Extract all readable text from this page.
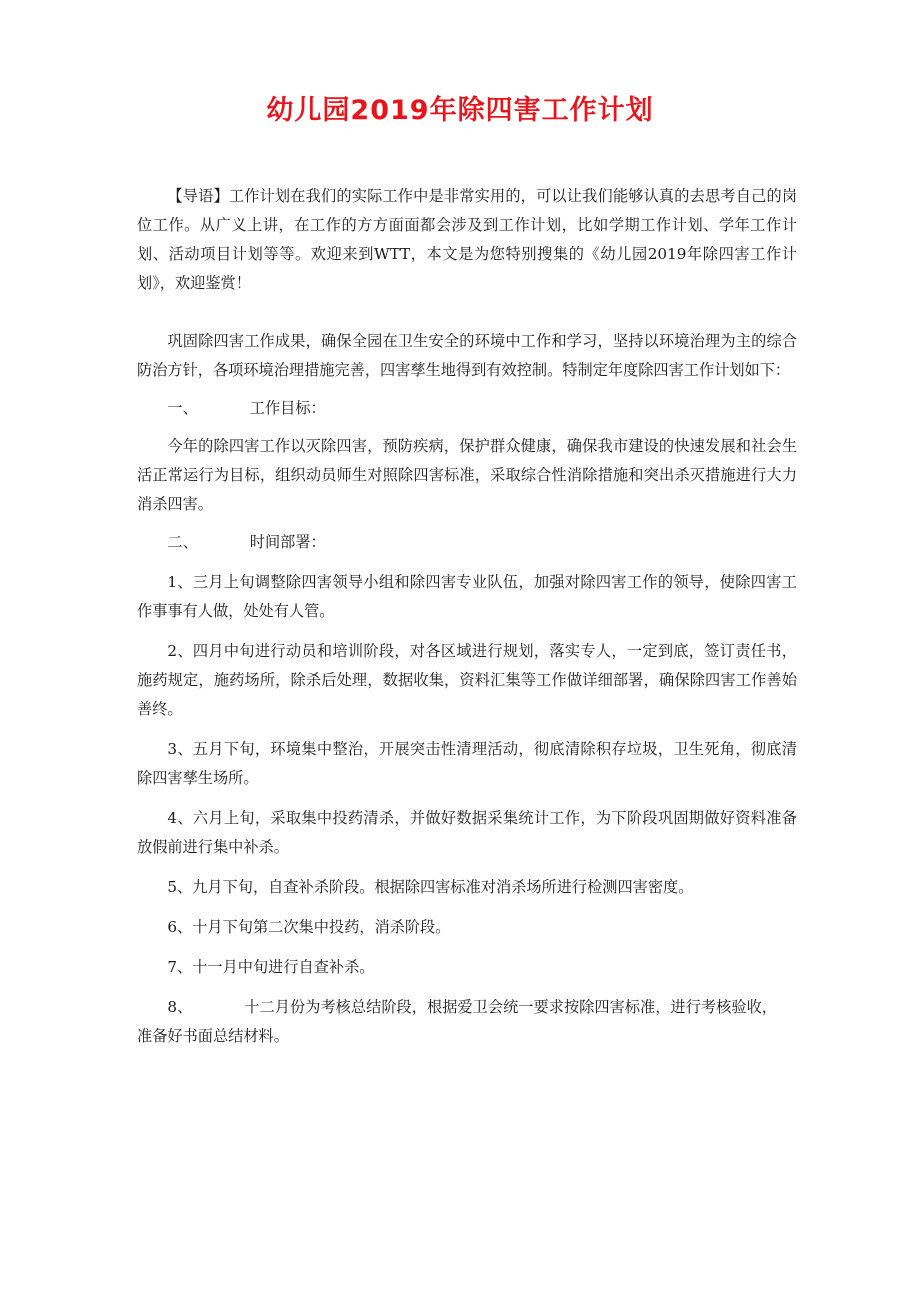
幼儿园2019年除四害工作计划

【导语】工作计划在我们的实际工作中是非常实用的，可以让我们能够认真的去思考自己的岗位工作。从广义上讲，在工作的方方面面都会涉及到工作计划，比如学期工作计划、学年工作计划、活动项目计划等等。欢迎来到WTT，本文是为您特别搜集的《幼儿园2019年除四害工作计划》，欢迎鉴赏！

巩固除四害工作成果，确保全园在卫生安全的环境中工作和学习，坚持以环境治理为主的综合防治方针，各项环境治理措施完善，四害孳生地得到有效控制。特制定年度除四害工作计划如下：

一、	工作目标：

今年的除四害工作以灭除四害，预防疾病，保护群众健康，确保我市建设的快速发展和社会生活正常运行为目标，组织动员师生对照除四害标准，采取综合性消除措施和突出杀灭措施进行大力消杀四害。

二、	时间部署：

1、三月上旬调整除四害领导小组和除四害专业队伍，加强对除四害工作的领导，使除四害工作事事有人做，处处有人管。

2、四月中旬进行动员和培训阶段，对各区域进行规划，落实专人，一定到底，签订责任书，施药规定，施药场所，除杀后处理，数据收集，资料汇集等工作做详细部署，确保除四害工作善始善终。

3、五月下旬，环境集中整治，开展突击性清理活动，彻底清除积存垃圾，卫生死角，彻底清除四害孳生场所。

4、六月上旬，采取集中投药清杀，并做好数据采集统计工作，为下阶段巩固期做好资料准备放假前进行集中补杀。

5、九月下旬，自查补杀阶段。根据除四害标准对消杀场所进行检测四害密度。

6、十月下旬第二次集中投药，消杀阶段。

7、十一月中旬进行自查补杀。

8、	十二月份为考核总结阶段，根据爱卫会统一要求按除四害标准，进行考核验收，准备好书面总结材料。
